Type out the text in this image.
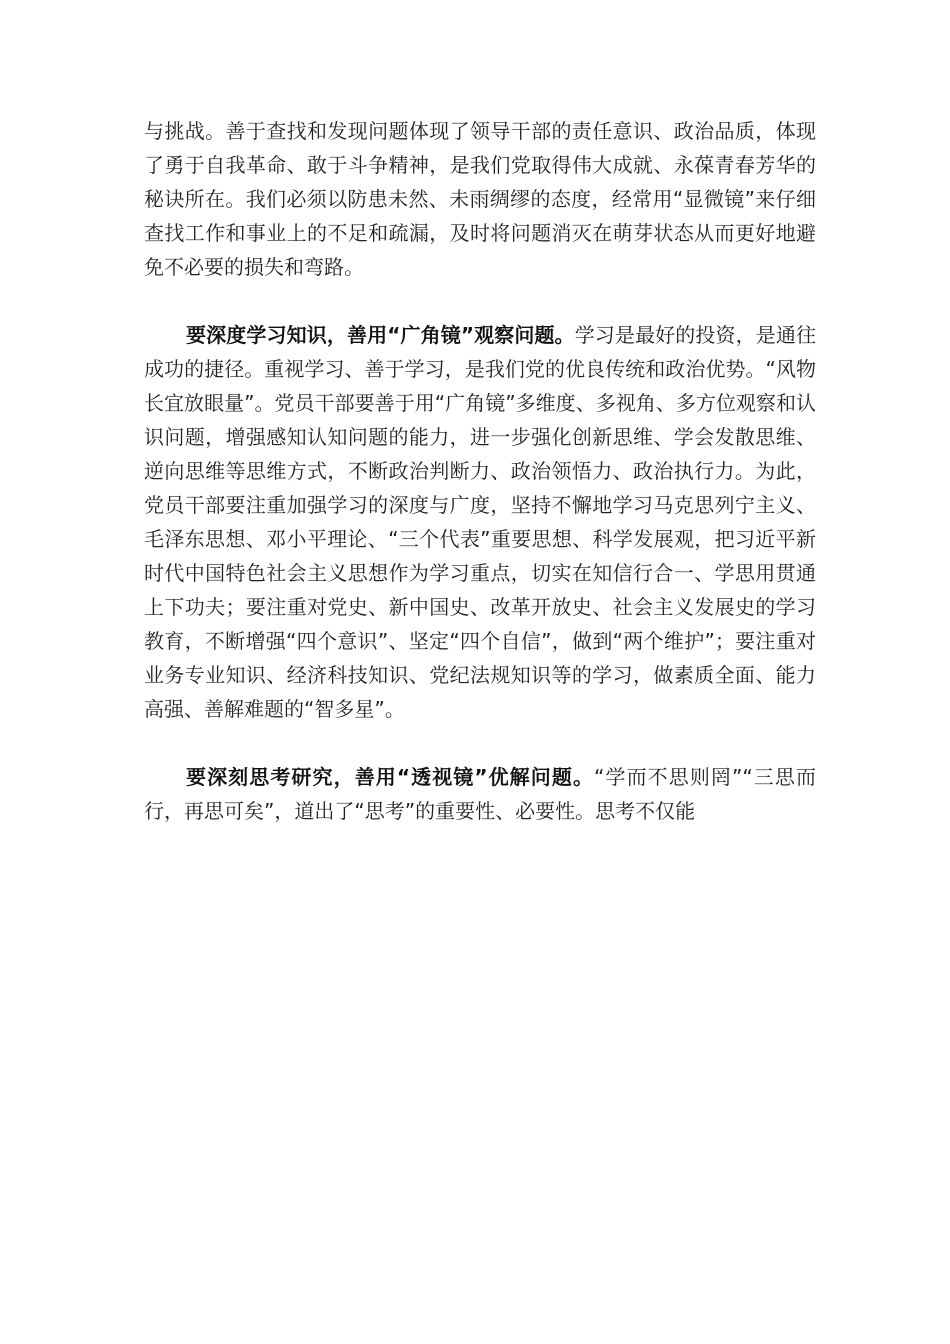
与挑战。善于查找和发现问题体现了领导干部的责任意识、政治品质，体现了勇于自我革命、敢于斗争精神，是我们党取得伟大成就、永葆青春芳华的秘诀所在。我们必须以防患未然、未雨绸缪的态度，经常用“显微镜”来仔细查找工作和事业上的不足和疏漏，及时将问题消灭在萌芽状态从而更好地避免不必要的损失和弯路。

要深度学习知识，善用“广角镜”观察问题。学习是最好的投资，是通往成功的捷径。重视学习、善于学习，是我们党的优良传统和政治优势。“风物长宜放眼量”。党员干部要善于用“广角镜”多维度、多视角、多方位观察和认识问题，增强感知认知问题的能力，进一步强化创新思维、学会发散思维、逆向思维等思维方式，不断政治判断力、政治领悟力、政治执行力。为此，党员干部要注重加强学习的深度与广度，坚持不懈地学习马克思列宁主义、毛泽东思想、邓小平理论、“三个代表”重要思想、科学发展观，把习近平新时代中国特色社会主义思想作为学习重点，切实在知信行合一、学思用贯通上下功夫；要注重对党史、新中国史、改革开放史、社会主义发展史的学习教育，不断增强“四个意识”、坚定“四个自信”，做到“两个维护”；要注重对业务专业知识、经济科技知识、党纪法规知识等的学习，做素质全面、能力高强、善解难题的“智多星”。

要深刻思考研究，善用“透视镜”优解问题。“学而不思则罔”“三思而行，再思可矣”，道出了“思考”的重要性、必要性。思考不仅能
